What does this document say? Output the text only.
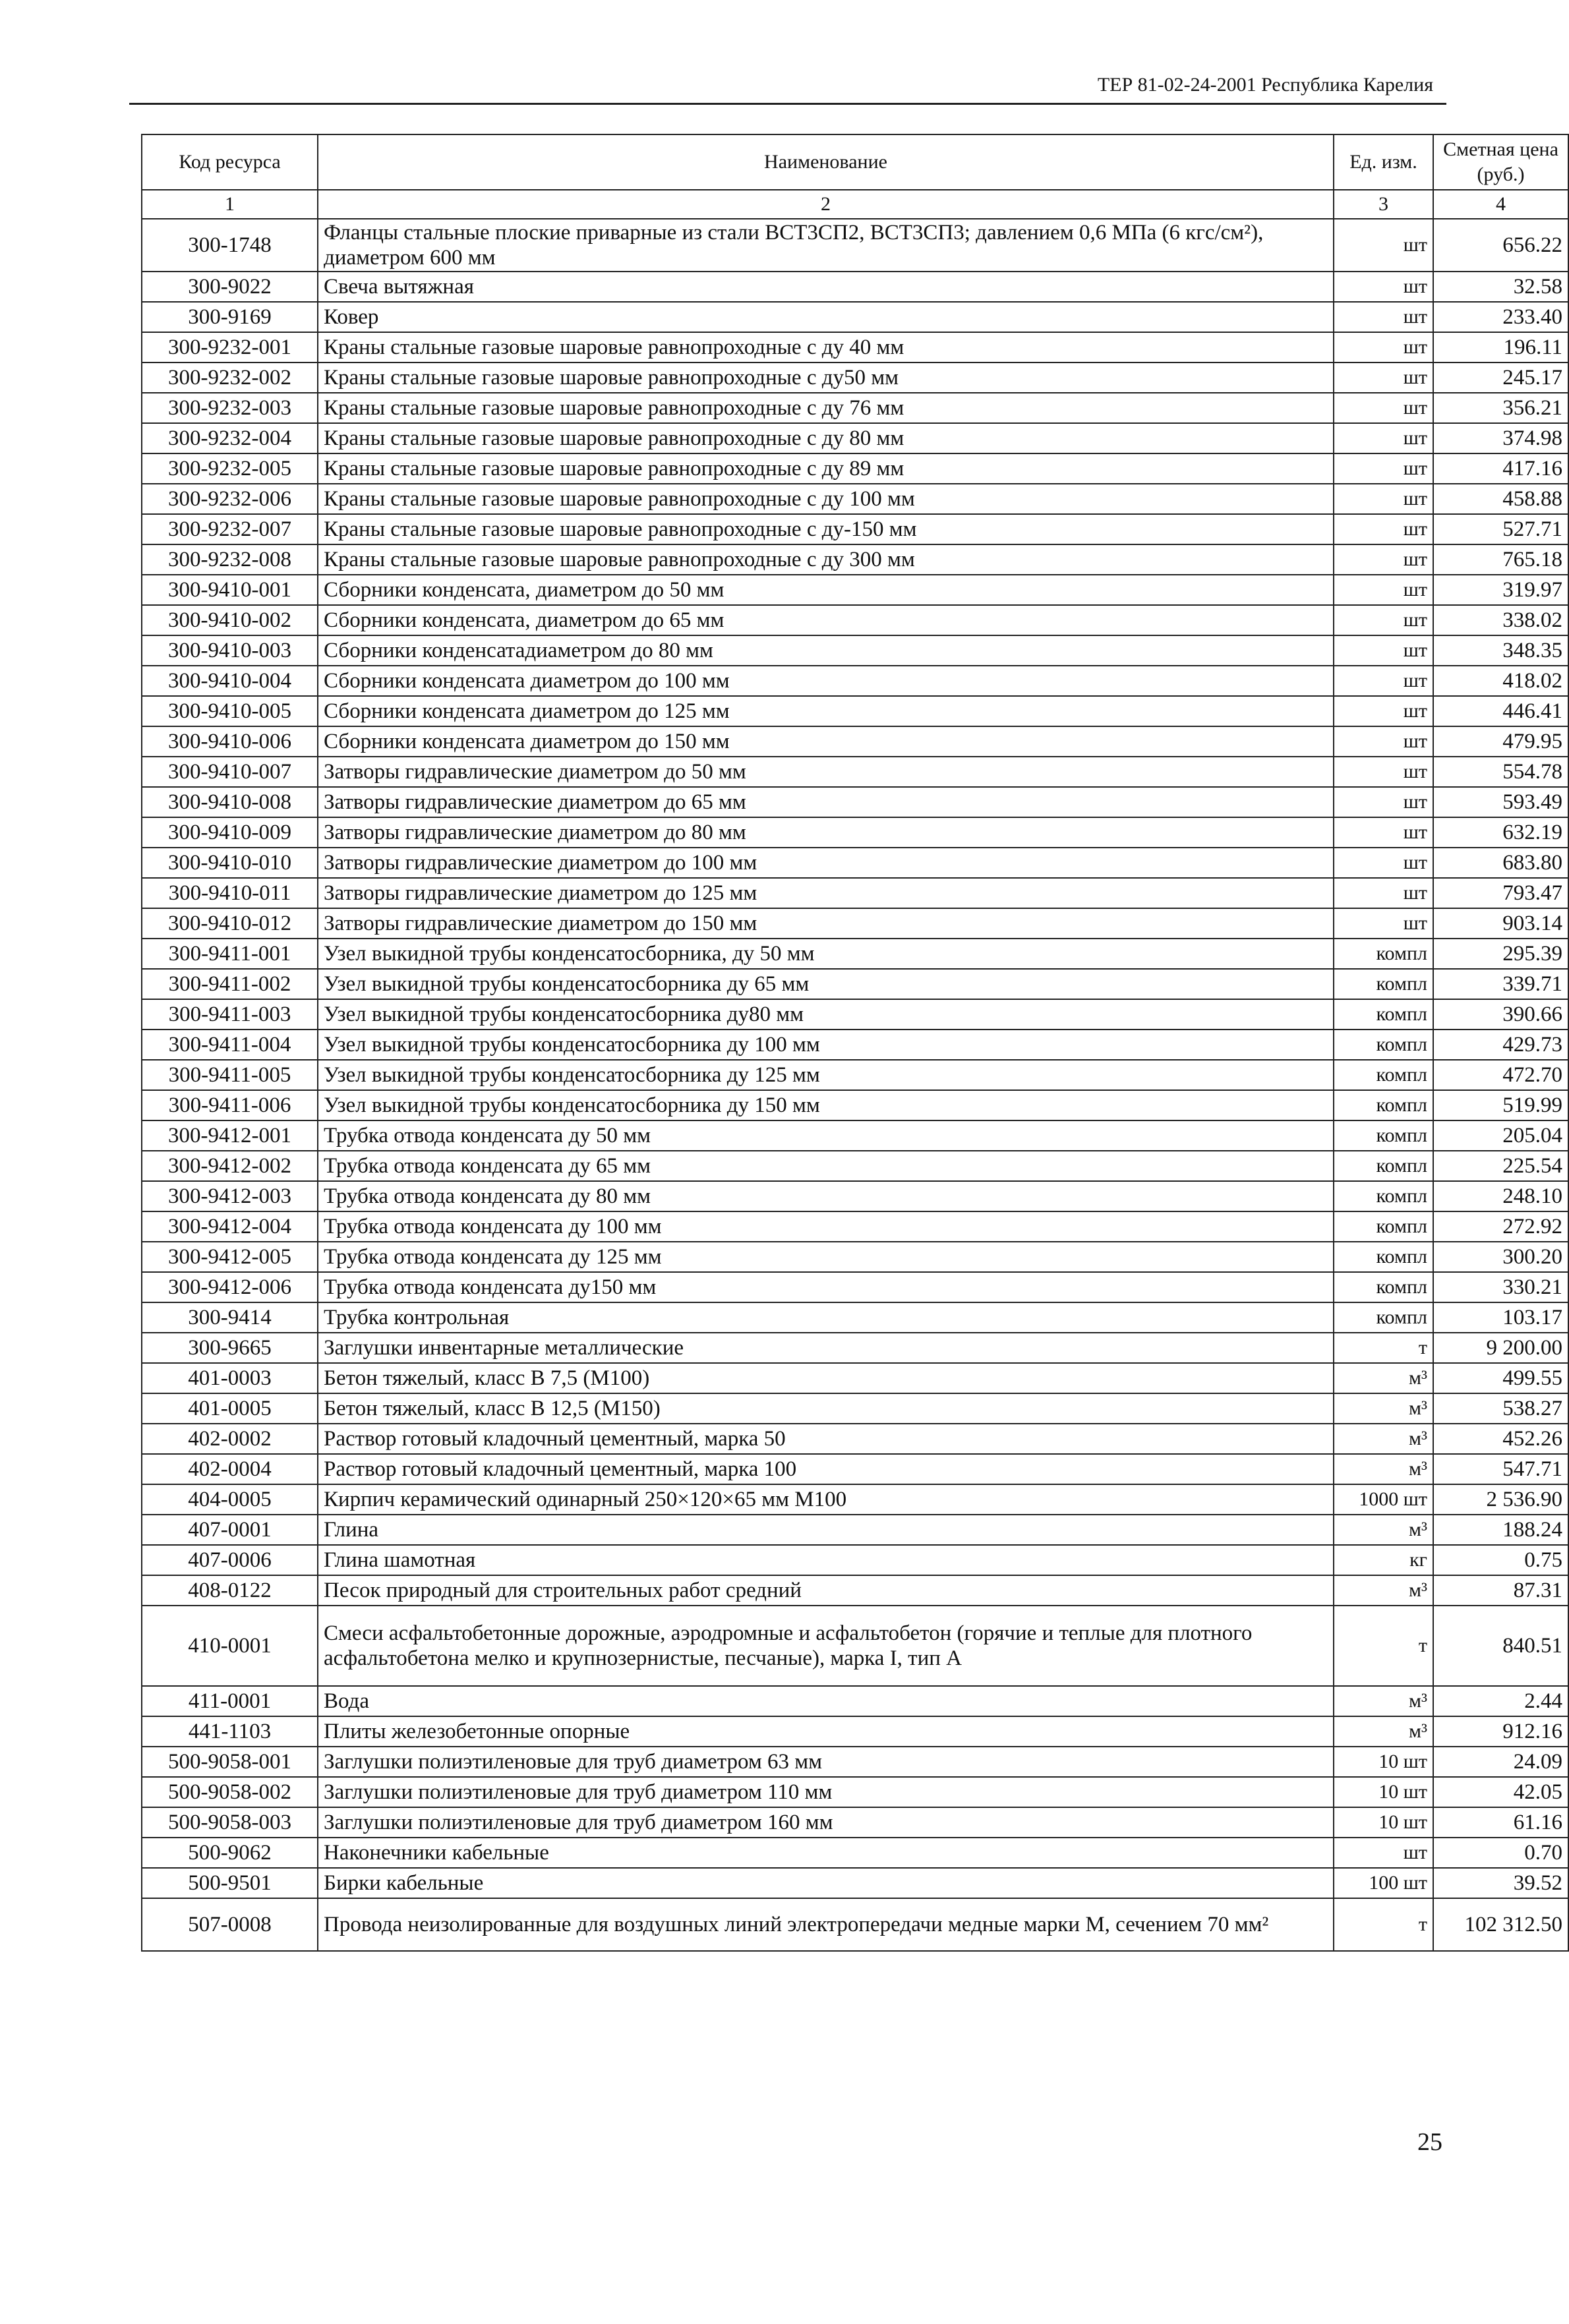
ТЕР 81-02-24-2001 Республика Карелия
Код ресурса	Наименование	Ед. изм.	Сметная цена (руб.)
1	2	3	4
300-1748	Фланцы стальные плоские приварные из стали ВСТ3СП2, ВСТ3СП3; давлением 0,6 МПа (6 кгс/см²), диаметром 600 мм	шт	656.22
300-9022	Свеча вытяжная	шт	32.58
300-9169	Ковер	шт	233.40
300-9232-001	Краны стальные газовые шаровые равнопроходные с ду 40 мм	шт	196.11
300-9232-002	Краны стальные газовые шаровые равнопроходные с ду50 мм	шт	245.17
300-9232-003	Краны стальные газовые шаровые равнопроходные с ду 76 мм	шт	356.21
300-9232-004	Краны стальные газовые шаровые равнопроходные с ду 80 мм	шт	374.98
300-9232-005	Краны стальные газовые шаровые равнопроходные с ду 89 мм	шт	417.16
300-9232-006	Краны стальные газовые шаровые равнопроходные с ду 100 мм	шт	458.88
300-9232-007	Краны стальные газовые шаровые равнопроходные с ду-150 мм	шт	527.71
300-9232-008	Краны стальные газовые шаровые равнопроходные с ду 300 мм	шт	765.18
300-9410-001	Сборники конденсата, диаметром до 50 мм	шт	319.97
300-9410-002	Сборники конденсата, диаметром до 65 мм	шт	338.02
300-9410-003	Сборники конденсатадиаметром до 80 мм	шт	348.35
300-9410-004	Сборники конденсата диаметром до 100 мм	шт	418.02
300-9410-005	Сборники конденсата диаметром до 125 мм	шт	446.41
300-9410-006	Сборники конденсата диаметром до 150 мм	шт	479.95
300-9410-007	Затворы гидравлические диаметром до 50 мм	шт	554.78
300-9410-008	Затворы гидравлические диаметром до 65 мм	шт	593.49
300-9410-009	Затворы гидравлические диаметром до 80 мм	шт	632.19
300-9410-010	Затворы гидравлические диаметром до 100 мм	шт	683.80
300-9410-011	Затворы гидравлические диаметром до 125 мм	шт	793.47
300-9410-012	Затворы гидравлические диаметром до 150 мм	шт	903.14
300-9411-001	Узел выкидной трубы конденсатосборника, ду 50 мм	компл	295.39
300-9411-002	Узел выкидной трубы конденсатосборника ду 65 мм	компл	339.71
300-9411-003	Узел выкидной трубы конденсатосборника ду80 мм	компл	390.66
300-9411-004	Узел выкидной трубы конденсатосборника ду 100 мм	компл	429.73
300-9411-005	Узел выкидной трубы конденсатосборника ду 125 мм	компл	472.70
300-9411-006	Узел выкидной трубы конденсатосборника ду 150 мм	компл	519.99
300-9412-001	Трубка отвода конденсата ду 50 мм	компл	205.04
300-9412-002	Трубка отвода конденсата ду 65 мм	компл	225.54
300-9412-003	Трубка отвода конденсата ду 80 мм	компл	248.10
300-9412-004	Трубка отвода конденсата ду 100 мм	компл	272.92
300-9412-005	Трубка отвода конденсата ду 125 мм	компл	300.20
300-9412-006	Трубка отвода конденсата ду150 мм	компл	330.21
300-9414	Трубка контрольная	компл	103.17
300-9665	Заглушки инвентарные металлические	т	9 200.00
401-0003	Бетон тяжелый, класс В 7,5 (М100)	м³	499.55
401-0005	Бетон тяжелый, класс В 12,5 (М150)	м³	538.27
402-0002	Раствор готовый кладочный цементный, марка 50	м³	452.26
402-0004	Раствор готовый кладочный цементный, марка 100	м³	547.71
404-0005	Кирпич керамический одинарный 250×120×65 мм М100	1000 шт	2 536.90
407-0001	Глина	м³	188.24
407-0006	Глина шамотная	кг	0.75
408-0122	Песок природный для строительных работ средний	м³	87.31
410-0001	Смеси асфальтобетонные дорожные, аэродромные и асфальтобетон (горячие и теплые для плотного асфальтобетона мелко и крупнозернистые, песчаные), марка I, тип А	т	840.51
411-0001	Вода	м³	2.44
441-1103	Плиты железобетонные опорные	м³	912.16
500-9058-001	Заглушки полиэтиленовые для труб диаметром 63 мм	10 шт	24.09
500-9058-002	Заглушки полиэтиленовые для труб диаметром 110 мм	10 шт	42.05
500-9058-003	Заглушки полиэтиленовые для труб диаметром 160 мм	10 шт	61.16
500-9062	Наконечники кабельные	шт	0.70
500-9501	Бирки кабельные	100 шт	39.52
507-0008	Провода неизолированные для воздушных линий электропередачи медные марки М, сечением 70 мм²	т	102 312.50
25
